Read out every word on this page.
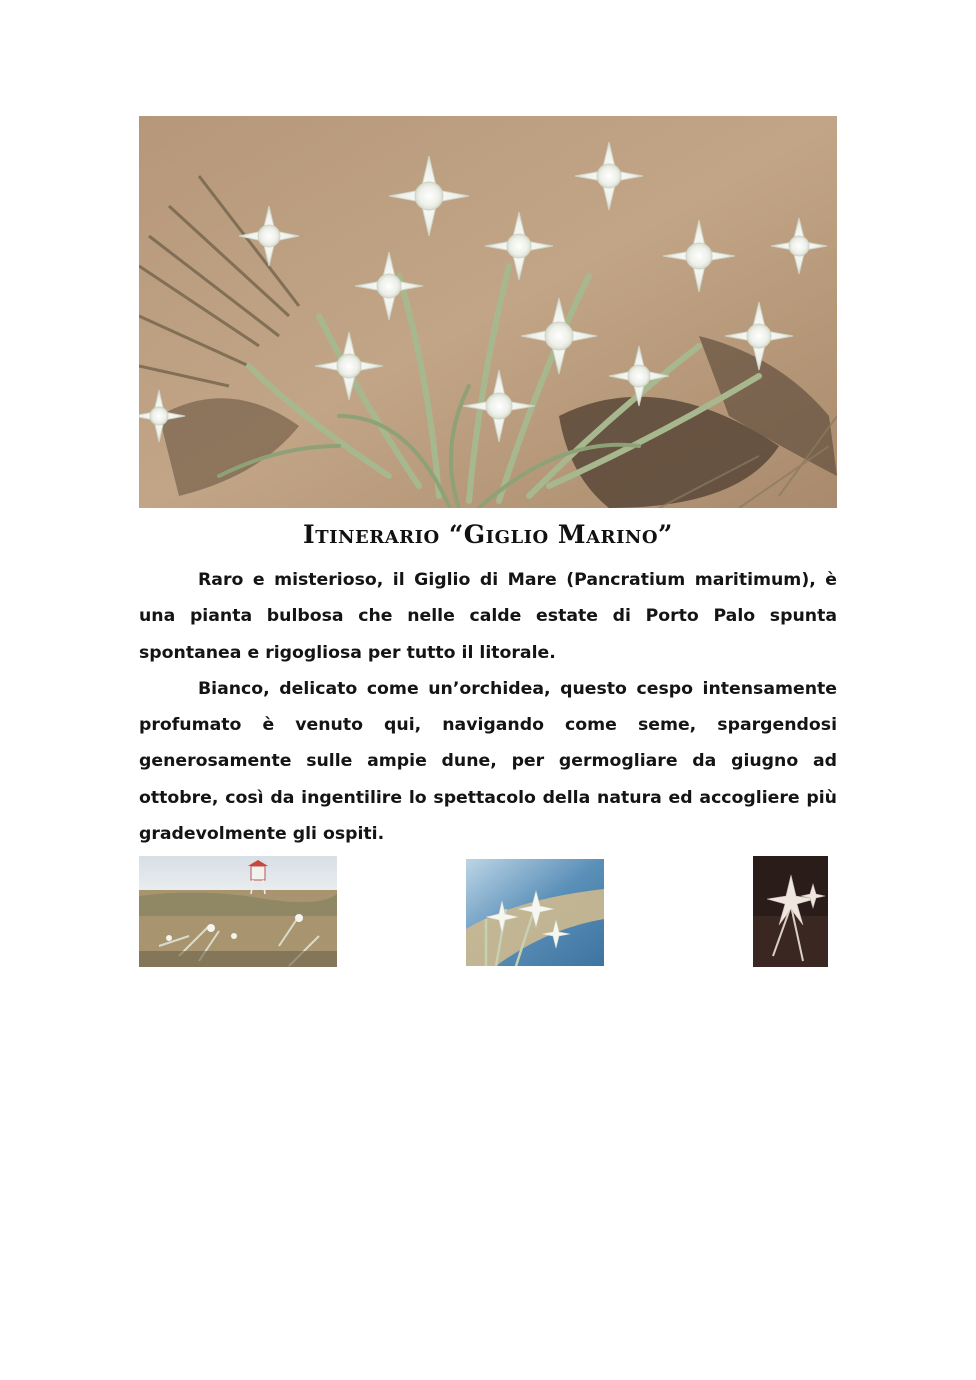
Itinerario “Giglio Marino”

Raro e misterioso, il Giglio di Mare (Pancratium maritimum), è una pianta bulbosa che nelle calde estate di Porto Palo spunta spontanea e rigogliosa per tutto il litorale.

Bianco, delicato come un’orchidea, questo cespo intensamente profumato è venuto qui, navigando come seme, spargendosi generosamente sulle ampie dune, per germogliare da giugno ad ottobre, così da ingentilire lo spettacolo della natura ed accogliere più gradevolmente gli ospiti.
